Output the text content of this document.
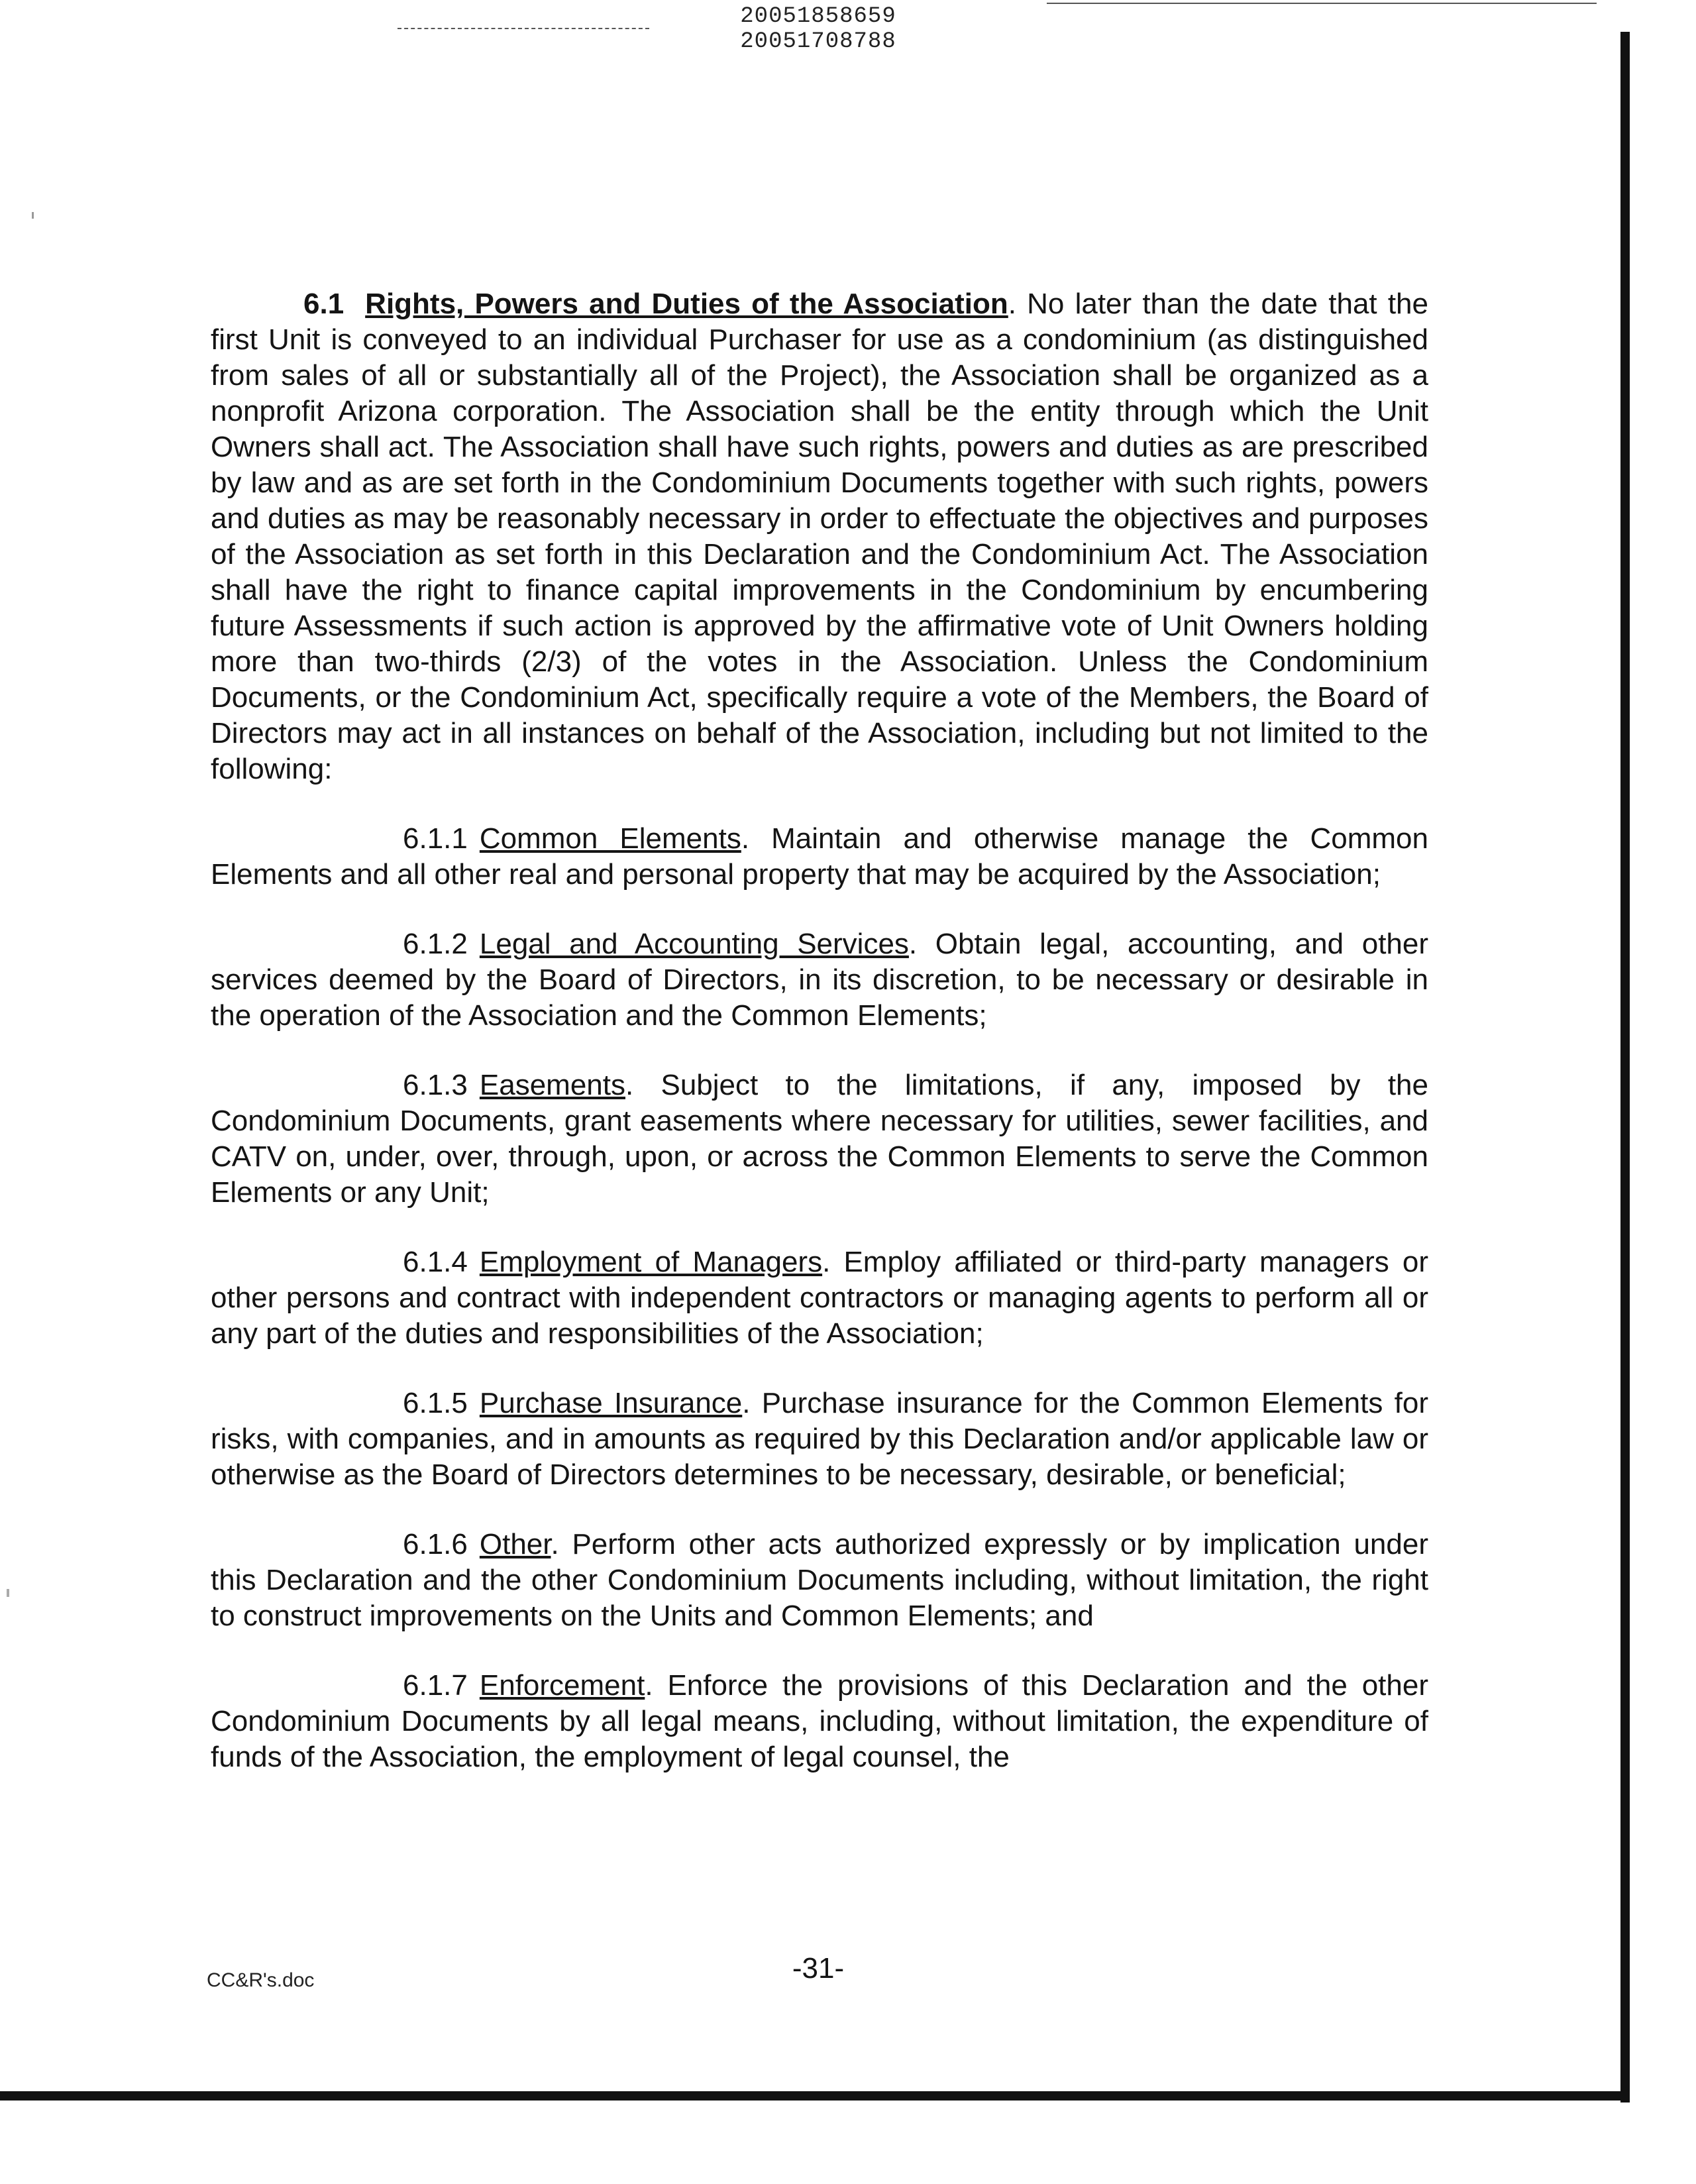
20051858659
20051708788

6.1 Rights, Powers and Duties of the Association. No later than the date that the first Unit is conveyed to an individual Purchaser for use as a condominium (as distinguished from sales of all or substantially all of the Project), the Association shall be organized as a nonprofit Arizona corporation. The Association shall be the entity through which the Unit Owners shall act. The Association shall have such rights, powers and duties as are prescribed by law and as are set forth in the Condominium Documents together with such rights, powers and duties as may be reasonably necessary in order to effectuate the objectives and purposes of the Association as set forth in this Declaration and the Condominium Act. The Association shall have the right to finance capital improvements in the Condominium by encumbering future Assessments if such action is approved by the affirmative vote of Unit Owners holding more than two-thirds (2/3) of the votes in the Association. Unless the Condominium Documents, or the Condominium Act, specifically require a vote of the Members, the Board of Directors may act in all instances on behalf of the Association, including but not limited to the following:

6.1.1 Common Elements. Maintain and otherwise manage the Common Elements and all other real and personal property that may be acquired by the Association;

6.1.2 Legal and Accounting Services. Obtain legal, accounting, and other services deemed by the Board of Directors, in its discretion, to be necessary or desirable in the operation of the Association and the Common Elements;

6.1.3 Easements. Subject to the limitations, if any, imposed by the Condominium Documents, grant easements where necessary for utilities, sewer facilities, and CATV on, under, over, through, upon, or across the Common Elements to serve the Common Elements or any Unit;

6.1.4 Employment of Managers. Employ affiliated or third-party managers or other persons and contract with independent contractors or managing agents to perform all or any part of the duties and responsibilities of the Association;

6.1.5 Purchase Insurance. Purchase insurance for the Common Elements for risks, with companies, and in amounts as required by this Declaration and/or applicable law or otherwise as the Board of Directors determines to be necessary, desirable, or beneficial;

6.1.6 Other. Perform other acts authorized expressly or by implication under this Declaration and the other Condominium Documents including, without limitation, the right to construct improvements on the Units and Common Elements; and

6.1.7 Enforcement. Enforce the provisions of this Declaration and the other Condominium Documents by all legal means, including, without limitation, the expenditure of funds of the Association, the employment of legal counsel, the

-31-
CC&R's.doc
